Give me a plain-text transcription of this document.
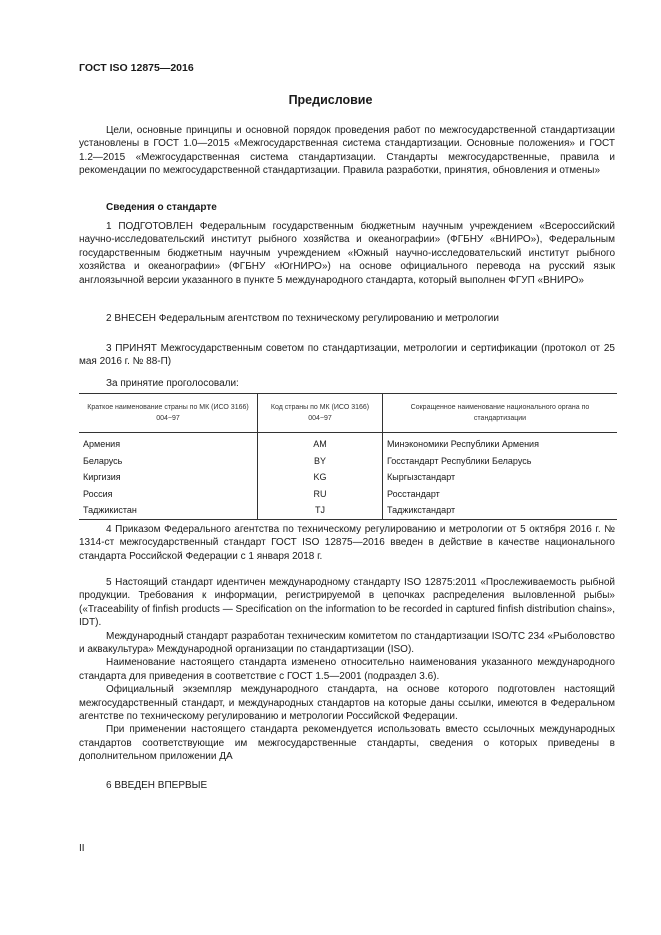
ГОСТ ISO 12875—2016
Предисловие

Цели, основные принципы и основной порядок проведения работ по межгосударственной стандартизации установлены в ГОСТ 1.0—2015 «Межгосударственная система стандартизации. Основные положения» и ГОСТ 1.2—2015 «Межгосударственная система стандартизации. Стандарты межгосударственные, правила и рекомендации по межгосударственной стандартизации. Правила разработки, принятия, обновления и отмены»

Сведения о стандарте

1 ПОДГОТОВЛЕН Федеральным государственным бюджетным научным учреждением «Всероссийский научно-исследовательский институт рыбного хозяйства и океанографии» (ФГБНУ «ВНИРО»), Федеральным государственным бюджетным научным учреждением «Южный научно-исследовательский институт рыбного хозяйства и океанографии» (ФГБНУ «ЮгНИРО») на основе официального перевода на русский язык англоязычной версии указанного в пункте 5 международного стандарта, который выполнен ФГУП «ВНИРО»

2 ВНЕСЕН Федеральным агентством по техническому регулированию и метрологии

3 ПРИНЯТ Межгосударственным советом по стандартизации, метрологии и сертификации (протокол от 25 мая 2016 г. № 88-П)

За принятие проголосовали:
Краткое наименование страны по МК (ИСО 3166) 004−97	Код страны по МК (ИСО 3166) 004−97	Сокращенное наименование национального органа по стандартизации
Армения	AM	Минэкономики Республики Армения
Беларусь	BY	Госстандарт Республики Беларусь
Киргизия	KG	Кыргызстандарт
Россия	RU	Росстандарт
Таджикистан	TJ	Таджикстандарт

4 Приказом Федерального агентства по техническому регулированию и метрологии от 5 октября 2016 г. № 1314-ст межгосударственный стандарт ГОСТ ISO 12875—2016 введен в действие в качестве национального стандарта Российской Федерации с 1 января 2018 г.

5 Настоящий стандарт идентичен международному стандарту ISO 12875:2011 «Прослеживаемость рыбной продукции. Требования к информации, регистрируемой в цепочках распределения выловленной рыбы» («Traceability of finfish products — Specification on the information to be recorded in captured finfish distribution chains», IDT).

Международный стандарт разработан техническим комитетом по стандартизации ISO/TC 234 «Рыболовство и аквакультура» Международной организации по стандартизации (ISO).

Наименование настоящего стандарта изменено относительно наименования указанного международного стандарта для приведения в соответствие с ГОСТ 1.5—2001 (подраздел 3.6).

Официальный экземпляр международного стандарта, на основе которого подготовлен настоящий межгосударственный стандарт, и международных стандартов на которые даны ссылки, имеются в Федеральном агентстве по техническому регулированию и метрологии Российской Федерации.

При применении настоящего стандарта рекомендуется использовать вместо ссылочных международных стандартов соответствующие им межгосударственные стандарты, сведения о которых приведены в дополнительном приложении ДА

6 ВВЕДЕН ВПЕРВЫЕ
II
